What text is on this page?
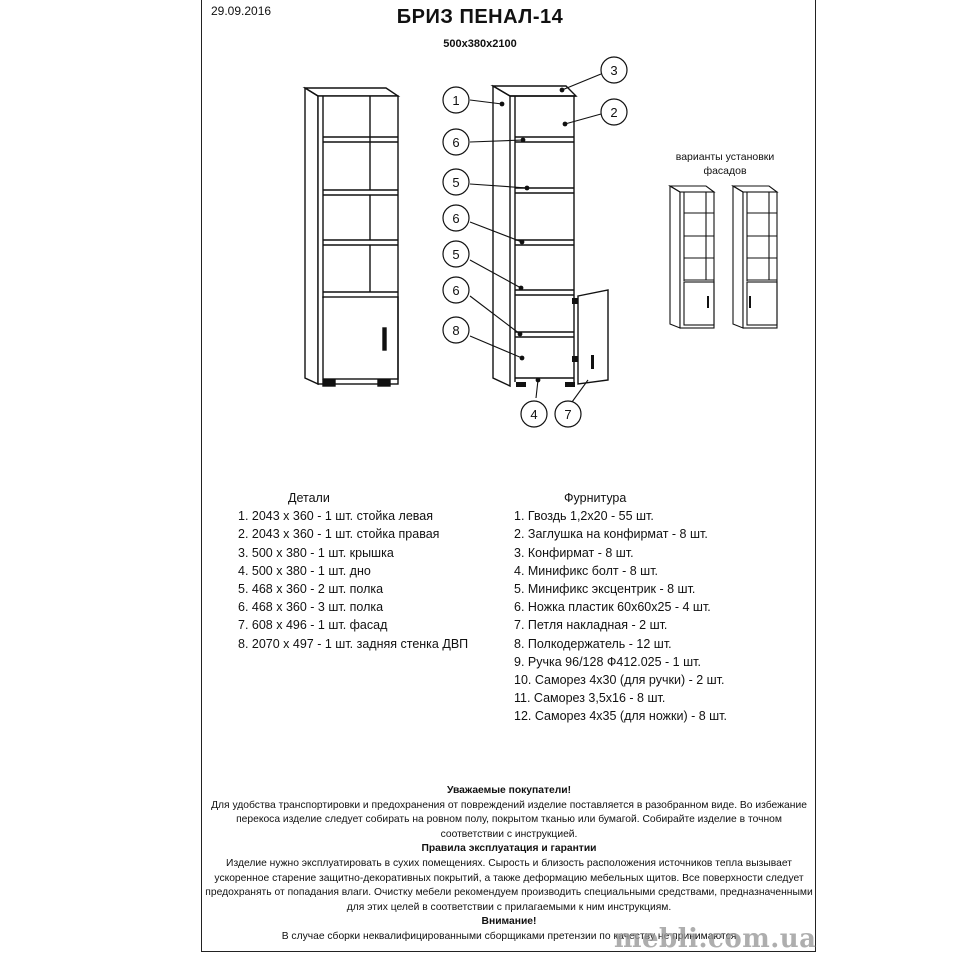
29.09.2016	БРИЗ ПЕНАЛ-14
500х380х2100
1
6
5
6
5
6
8
3
2
4 7
варианты установки
фасадов
Детали
1. 2043 х 360 - 1 шт. стойка левая
2. 2043 х 360 - 1 шт. стойка правая
3. 500 х 380 - 1 шт. крышка
4. 500 х 380 - 1 шт. дно
5. 468 х 360 - 2 шт. полка
6. 468 х 360 - 3 шт. полка
7. 608 х 496 - 1 шт. фасад
8. 2070 х 497 - 1 шт. задняя стенка ДВП
Фурнитура
1. Гвоздь 1,2х20 - 55 шт.
2. Заглушка на конфирмат - 8 шт.
3. Конфирмат - 8 шт.
4. Минификс болт - 8 шт.
5. Минификс эксцентрик - 8 шт.
6. Ножка пластик 60х60х25 - 4 шт.
7. Петля накладная - 2 шт.
8. Полкодержатель - 12 шт.
9. Ручка 96/128 Ф412.025 - 1 шт.
10. Саморез 4х30 (для ручки) - 2 шт.
11. Саморез 3,5х16 - 8 шт.
12. Саморез 4х35 (для ножки) - 8 шт.
Уважаемые покупатели!
Для удобства транспортировки и предохранения от повреждений изделие поставляется в разобранном виде. Во избежание перекоса изделие следует собирать на ровном полу, покрытом тканью или бумагой. Собирайте изделие в точном соответствии с инструкцией.
Правила эксплуатация и гарантии
Изделие нужно эксплуатировать в сухих помещениях. Сырость и близость расположения источников тепла вызывает ускоренное старение защитно-декоративных покрытий, а также деформацию мебельных щитов. Все поверхности следует предохранять от попадания влаги. Очистку мебели рекомендуем производить специальными средствами, предназначенными для этих целей в соответствии с прилагаемыми к ним инструкциям.
Внимание!
В случае сборки неквалифицированными сборщиками претензии по качеству не принимаются
mebli.com.ua
